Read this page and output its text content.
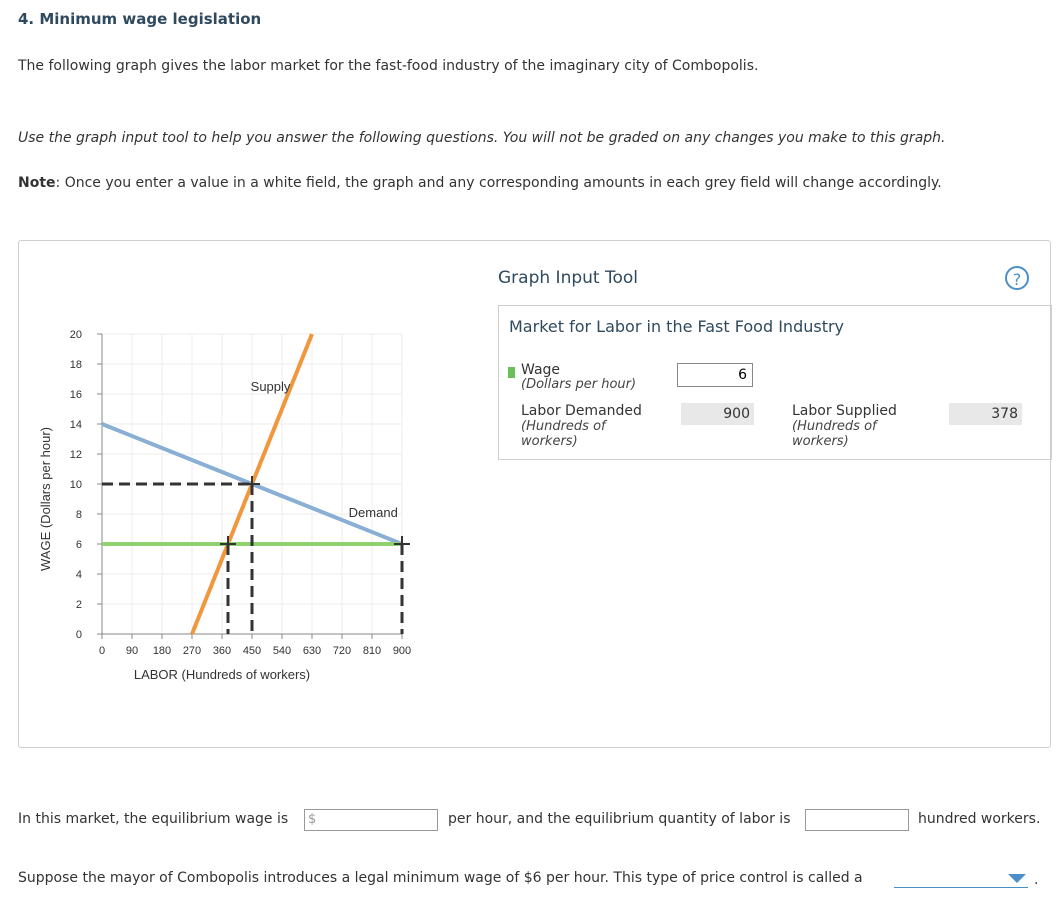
4. Minimum wage legislation
The following graph gives the labor market for the fast-food industry of the imaginary city of Combopolis.
Use the graph input tool to help you answer the following questions. You will not be graded on any changes you make to this graph.
Note: Once you enter a value in a white field, the graph and any corresponding amounts in each grey field will change accordingly.
0 90 180 270 360 450 540 630 720 810 900
0
2
4
6
8
10
12
14
16
18
20
Supply
Demand
LABOR (Hundreds of workers)
WAGE (Dollars per hour)
Graph Input Tool	?
Market for Labor in the Fast Food Industry
Wage
(Dollars per hour)
6
Labor Demanded
(Hundreds of
workers)
900	Labor Supplied
(Hundreds of
workers)
378
In this market, the equilibrium wage is $	per hour, and the equilibrium quantity of labor is	hundred workers.
Suppose the mayor of Combopolis introduces a legal minimum wage of $6 per hour. This type of price control is called a	.
